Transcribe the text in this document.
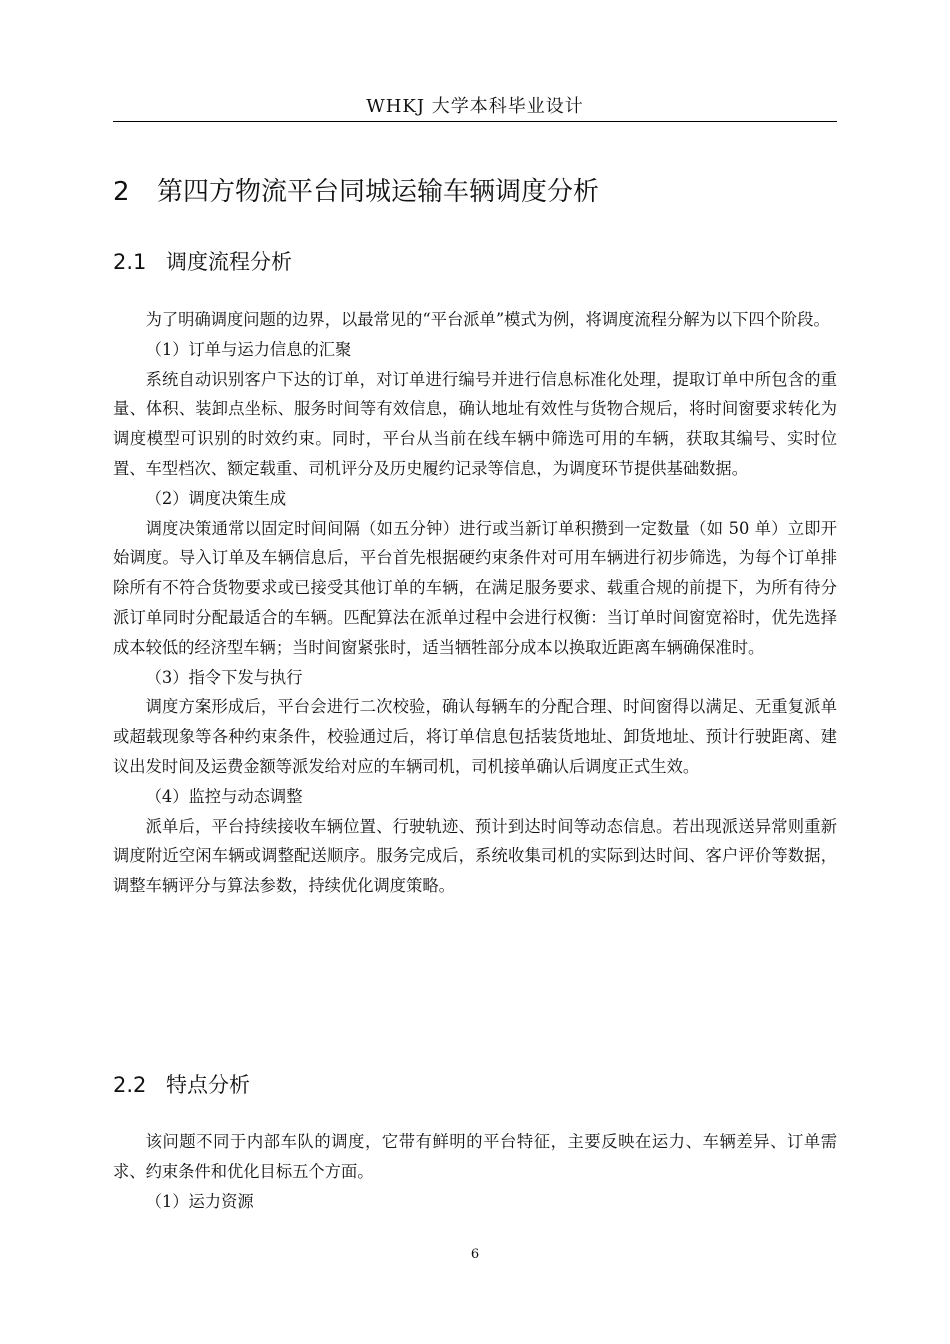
WHKJ 大学本科毕业设计
2 第四方物流平台同城运输车辆调度分析
2.1 调度流程分析

为了明确调度问题的边界，以最常见的“平台派单”模式为例，将调度流程分解为以下四个阶段。

（1）订单与运力信息的汇聚

系统自动识别客户下达的订单，对订单进行编号并进行信息标准化处理，提取订单中所包含的重量、体积、装卸点坐标、服务时间等有效信息，确认地址有效性与货物合规后，将时间窗要求转化为调度模型可识别的时效约束。同时，平台从当前在线车辆中筛选可用的车辆，获取其编号、实时位置、车型档次、额定载重、司机评分及历史履约记录等信息，为调度环节提供基础数据。

（2）调度决策生成

调度决策通常以固定时间间隔（如五分钟）进行或当新订单积攒到一定数量（如 50 单）立即开始调度。导入订单及车辆信息后，平台首先根据硬约束条件对可用车辆进行初步筛选，为每个订单排除所有不符合货物要求或已接受其他订单的车辆，在满足服务要求、载重合规的前提下，为所有待分派订单同时分配最适合的车辆。匹配算法在派单过程中会进行权衡：当订单时间窗宽裕时，优先选择成本较低的经济型车辆；当时间窗紧张时，适当牺牲部分成本以换取近距离车辆确保准时。

（3）指令下发与执行

调度方案形成后，平台会进行二次校验，确认每辆车的分配合理、时间窗得以满足、无重复派单或超载现象等各种约束条件，校验通过后，将订单信息包括装货地址、卸货地址、预计行驶距离、建议出发时间及运费金额等派发给对应的车辆司机，司机接单确认后调度正式生效。

（4）监控与动态调整

派单后，平台持续接收车辆位置、行驶轨迹、预计到达时间等动态信息。若出现派送异常则重新调度附近空闲车辆或调整配送顺序。服务完成后，系统收集司机的实际到达时间、客户评价等数据，调整车辆评分与算法参数，持续优化调度策略。

2.2 特点分析

该问题不同于内部车队的调度，它带有鲜明的平台特征，主要反映在运力、车辆差异、订单需求、约束条件和优化目标五个方面。

（1）运力资源

6
